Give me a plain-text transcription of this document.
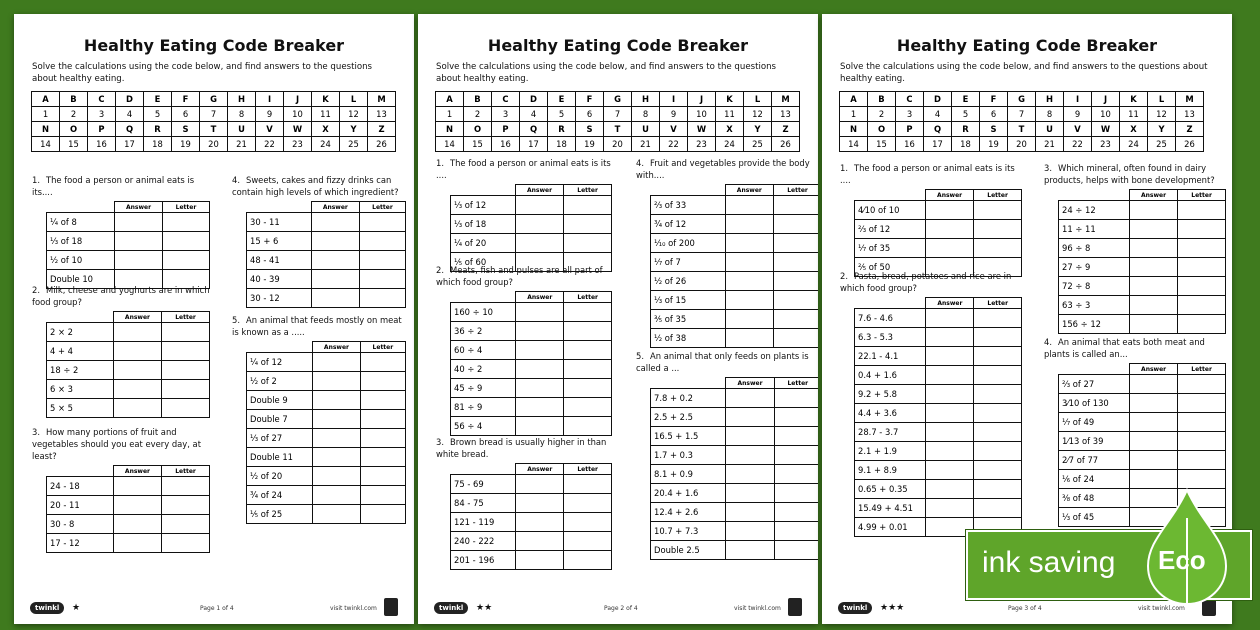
Healthy Eating Code Breaker
Solve the calculations using the code below, and find answers to the questions about healthy eating.
A	B	C	D	E	F	G	H	I	J	K	L	M
1	2	3	4	5	6	7	8	9	10	11	12	13
N	O	P	Q	R	S	T	U	V	W	X	Y	Z
14	15	16	17	18	19	20	21	22	23	24	25	26
1. The food a person or animal eats is its....
	Answer	Letter
¼ of 8		
⅓ of 18		
½ of 10		
Double 10		
2. Milk, cheese and yoghurts are in which food group?
	Answer	Letter
2 × 2		
4 + 4		
18 ÷ 2		
6 × 3		
5 × 5		
3. How many portions of fruit and vegetables should you eat every day, at least?
	Answer	Letter
24 - 18		
20 - 11		
30 - 8		
17 - 12		
4. Sweets, cakes and fizzy drinks can contain high levels of which ingredient?
	Answer	Letter
30 - 11		
15 + 6		
48 - 41		
40 - 39		
30 - 12		
5. An animal that feeds mostly on meat is known as a .....
	Answer	Letter
¼ of 12		
½ of 2		
Double 9		
Double 7		
⅓ of 27		
Double 11		
½ of 20		
¾ of 24		
⅕ of 25		
twinkl	★	Page 1 of 4	visit twinkl.com
Healthy Eating Code Breaker
Solve the calculations using the code below, and find answers to the questions about healthy eating.
A	B	C	D	E	F	G	H	I	J	K	L	M
1	2	3	4	5	6	7	8	9	10	11	12	13
N	O	P	Q	R	S	T	U	V	W	X	Y	Z
14	15	16	17	18	19	20	21	22	23	24	25	26
1. The food a person or animal eats is its ....
	Answer	Letter
⅓ of 12		
⅓ of 18		
¼ of 20		
⅕ of 60		
2. Meats, fish and pulses are all part of which food group?
	Answer	Letter
160 ÷ 10		
36 ÷ 2		
60 ÷ 4		
40 ÷ 2		
45 ÷ 9		
81 ÷ 9		
56 ÷ 4		
3. Brown bread is usually higher in than white bread.
	Answer	Letter
75 - 69		
84 - 75		
121 - 119		
240 - 222		
201 - 196		
4. Fruit and vegetables provide the body with....
	Answer	Letter
⅔ of 33		
¾ of 12		
⅒ of 200		
⅐ of 7		
½ of 26		
⅓ of 15		
⅗ of 35		
½ of 38		
5. An animal that only feeds on plants is called a ...
	Answer	Letter
7.8 + 0.2		
2.5 + 2.5		
16.5 + 1.5		
1.7 + 0.3		
8.1 + 0.9		
20.4 + 1.6		
12.4 + 2.6		
10.7 + 7.3		
Double 2.5		
twinkl	★★	Page 2 of 4	visit twinkl.com
Healthy Eating Code Breaker
Solve the calculations using the code below, and find answers to the questions about healthy eating.
A	B	C	D	E	F	G	H	I	J	K	L	M
1	2	3	4	5	6	7	8	9	10	11	12	13
N	O	P	Q	R	S	T	U	V	W	X	Y	Z
14	15	16	17	18	19	20	21	22	23	24	25	26
1. The food a person or animal eats is its ....
	Answer	Letter
4⁄10 of 10		
⅔ of 12		
⅐ of 35		
⅖ of 50		
2. Pasta, bread, potatoes and rice are in which food group?
	Answer	Letter
7.6 - 4.6		
6.3 - 5.3		
22.1 - 4.1		
0.4 + 1.6		
9.2 + 5.8		
4.4 + 3.6		
28.7 - 3.7		
2.1 + 1.9		
9.1 + 8.9		
0.65 + 0.35		
15.49 + 4.51		
4.99 + 0.01		
3. Which mineral, often found in dairy products, helps with bone development?
	Answer	Letter
24 ÷ 12		
11 ÷ 11		
96 ÷ 8		
27 ÷ 9		
72 ÷ 8		
63 ÷ 3		
156 ÷ 12		
4. An animal that eats both meat and plants is called an...
	Answer	Letter
⅔ of 27		
3⁄10 of 130		
⅐ of 49		
1⁄13 of 39		
2⁄7 of 77		
⅙ of 24		
⅜ of 48		
⅓ of 45		
twinkl	★★★	Page 3 of 4	visit twinkl.com
ink saving Eco
